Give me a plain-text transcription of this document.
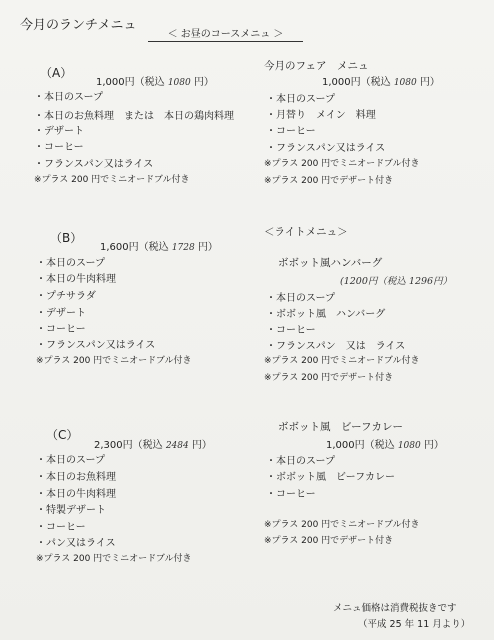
今月のランチメニュ
＜ お昼のコースメニュ ＞
（A）
1,000円（税込 1080 円）
・本日のスープ
・本日のお魚料理　または　本日の鶏肉料理
・デザート
・コーヒー
・フランスパン又はライス
※プラス 200 円でミニオードブル付き
（B）
1,600円（税込 1728 円）
・本日のスープ
・本日の牛肉料理
・プチサラダ
・デザート
・コーヒー
・フランスパン又はライス
※プラス 200 円でミニオードブル付き
（C）
2,300円（税込 2484 円）
・本日のスープ
・本日のお魚料理
・本日の牛肉料理
・特製デザート
・コーヒー
・パン又はライス
※プラス 200 円でミニオードブル付き
今月のフェア　メニュ
1,000円（税込 1080 円）
・本日のスープ
・月替り　メイン　料理
・コーヒー
・フランスパン又はライス
※プラス 200 円でミニオードブル付き
※プラス 200 円でデザート付き
＜ライトメニュ＞
ボボット風ハンバーグ
(1200円（税込 1296円）
・本日のスープ
・ボボット風　ハンバーグ
・コーヒー
・フランスパン　又は　ライス
※プラス 200 円でミニオードブル付き
※プラス 200 円でデザート付き
ボボット風　ビーフカレー
1,000円（税込 1080 円）
・本日のスープ
・ボボット風　ビーフカレー
・コーヒー
※プラス 200 円でミニオードブル付き
※プラス 200 円でデザート付き
メニュ価格は消費税抜きです
（平成 25 年 11 月より）
